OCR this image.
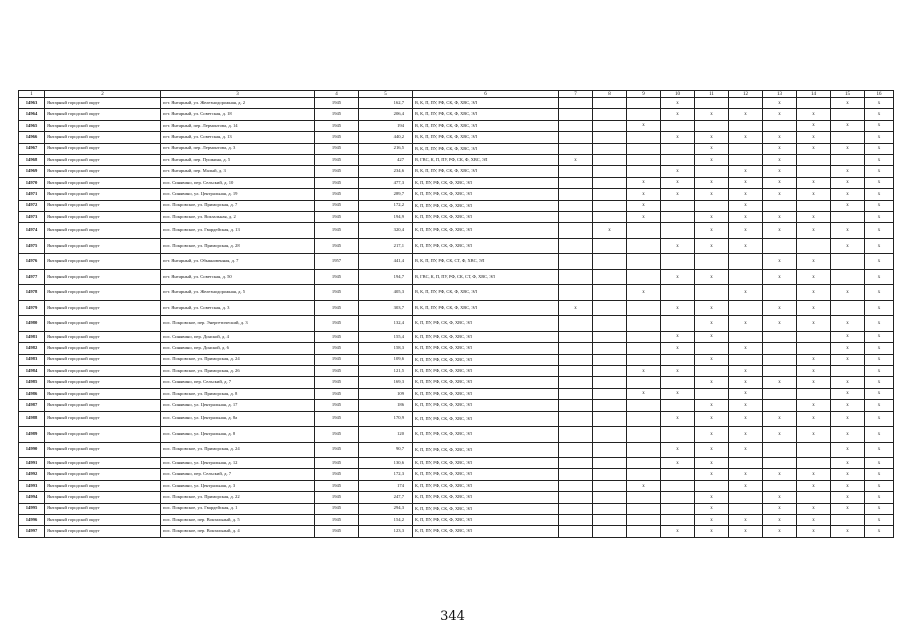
1	2	3	4	5	6	7	8	9	10	11	12	13	14	15	16
14963	Янтарный городской округ	пгт. Янтарный, ул. Железнодорожная, д. 2	1945	162,7	В, К, П, ПУ, РФ, СК, Ф, ХВС, ЭЛ				х			х		х	х
14964	Янтарный городской округ	пгт. Янтарный, ул. Советская, д. 18	1945	206,4	В, К, П, ПУ, РФ, СК, Ф, ХВС, ЭЛ				х	х	х	х	х		х
14965	Янтарный городской округ	пгт. Янтарный, пер. Лермонтова, д. 14	1945	194	В, К, П, ПУ, РФ, СК, Ф, ХВС, ЭЛ			х					х	х	х
14966	Янтарный городской округ	пгт. Янтарный, ул. Советская, д. 13	1945	440,2	В, К, П, ПУ, РФ, СК, Ф, ХВС, ЭЛ				х	х	х	х	х		х
14967	Янтарный городской округ	пгт. Янтарный, пер. Лермонтова, д. 3	1945	216,5	В, К, П, ПУ, РФ, СК, Ф, ХВС, ЭЛ					х		х	х	х	х
14968	Янтарный городской округ	пгт. Янтарный, пер. Пушкина, д. 5	1945	427	В, ГВС, К, П, ПУ, РФ, СК, Ф, ХВС, ЭЛ	х				х		х			х
14969	Янтарный городской округ	пгт. Янтарный, пер. Малый, д. 3	1945	234,6	В, К, П, ПУ, РФ, СК, Ф, ХВС, ЭЛ				х		х	х		х	х
14970	Янтарный городской округ	пос. Синявино, пер. Сельский, д. 10	1945	477,3	К, П, ПУ, РФ, СК, Ф, ХВС, ЭЛ			х	х	х	х	х	х	х	х
14971	Янтарный городской округ	пос. Синявино, ул. Центральная, д. 19	1945	289,7	К, П, ПУ, РФ, СК, Ф, ХВС, ЭЛ			х	х	х	х	х	х	х	х
14972	Янтарный городской округ	пос. Покровское, ул. Приморская, д. 7	1945	172,2	К, П, ПУ, РФ, СК, Ф, ХВС, ЭЛ			х			х			х	х
14973	Янтарный городской округ	пос. Покровское, ул. Вокзальная, д. 2	1945	194,9	К, П, ПУ, РФ, СК, Ф, ХВС, ЭЛ			х		х	х	х	х		х
14974	Янтарный городской округ	пос. Покровское, ул. Гвардейская, д. 13	1945	320,4	К, П, ПУ, РФ, СК, Ф, ХВС, ЭЛ		х			х	х	х	х	х	х
14975	Янтарный городской округ	пос. Покровское, ул. Приморская, д. 28	1945	217,1	К, П, ПУ, РФ, СК, Ф, ХВС, ЭЛ				х	х	х			х	х
14976	Янтарный городской округ	пгт. Янтарный, ул. Обыкновенная, д. 7	1957	441,4	В, К, П, ПУ, РФ, СК, СТ, Ф, ХВС, ЭЛ							х	х		х
14977	Янтарный городской округ	пгт. Янтарный, ул. Советская, д. 50	1945	194,7	В, ГВС, К, П, ПУ, РФ, СК, СТ, Ф, ХВС, ЭЛ				х	х		х	х		х
14978	Янтарный городской округ	пгт. Янтарный, ул. Железнодорожная, д. 5	1945	405,3	В, К, П, ПУ, РФ, СК, Ф, ХВС, ЭЛ			х			х		х	х	х
14979	Янтарный городской округ	пгт. Янтарный, ул. Советская, д. 3	1945	303,7	В, К, П, ПУ, РФ, СК, Ф, ХВС, ЭЛ	х			х	х		х	х		х
14980	Янтарный городской округ	пос. Покровское, пер. Энергетический, д. 3	1945	132,4	К, П, ПУ, РФ, СК, Ф, ХВС, ЭЛ					х	х	х	х	х	х
14981	Янтарный городской округ	пос. Синявино, пер. Донской, д. 4	1945	155,4	К, П, ПУ, РФ, СК, Ф, ХВС, ЭЛ				х	х				х	х
14982	Янтарный городской округ	пос. Синявино, пер. Донской, д. 6	1945	158,3	К, П, ПУ, РФ, СК, Ф, ХВС, ЭЛ				х		х			х	х
14983	Янтарный городской округ	пос. Покровское, ул. Приморская, д. 24	1945	109,6	К, П, ПУ, РФ, СК, Ф, ХВС, ЭЛ					х			х	х	х
14984	Янтарный городской округ	пос. Покровское, ул. Приморская, д. 26	1945	121,5	К, П, ПУ, РФ, СК, Ф, ХВС, ЭЛ			х	х		х		х		х
14985	Янтарный городской округ	пос. Синявино, пер. Сельский, д. 7	1945	169,3	К, П, ПУ, РФ, СК, Ф, ХВС, ЭЛ					х	х	х	х	х	х
14986	Янтарный городской округ	пос. Покровское, ул. Приморская, д. 8	1945	109	К, П, ПУ, РФ, СК, Ф, ХВС, ЭЛ			х	х		х			х	х
14987	Янтарный городской округ	пос. Синявино, ул. Центральная, д. 17	1945	186	К, П, ПУ, РФ, СК, Ф, ХВС, ЭЛ					х	х		х	х	х
14988	Янтарный городской округ	пос. Синявино, ул. Центральная, д. 8а	1945	170,9	К, П, ПУ, РФ, СК, Ф, ХВС, ЭЛ				х	х	х	х	х	х	х
14989	Янтарный городской округ	пос. Синявино, ул. Центральная, д. 8	1945	120	К, П, ПУ, РФ, СК, Ф, ХВС, ЭЛ					х	х	х	х	х	х
14990	Янтарный городской округ	пос. Покровское, ул. Приморская, д. 24	1945	90,7	К, П, ПУ, РФ, СК, Ф, ХВС, ЭЛ				х	х	х			х	х
14991	Янтарный городской округ	пос. Синявино, ул. Центральная, д. 12	1945	130,6	К, П, ПУ, РФ, СК, Ф, ХВС, ЭЛ				х	х				х	х
14992	Янтарный городской округ	пос. Синявино, пер. Сельский, д. 7	1945	172,3	К, П, ПУ, РФ, СК, Ф, ХВС, ЭЛ					х	х	х	х	х	х
14993	Янтарный городской округ	пос. Синявино, ул. Центральная, д. 3	1945	174	К, П, ПУ, РФ, СК, Ф, ХВС, ЭЛ			х			х		х	х	х
14994	Янтарный городской округ	пос. Покровское, ул. Приморская, д. 22	1945	247,7	К, П, ПУ, РФ, СК, Ф, ХВС, ЭЛ					х		х		х	х
14995	Янтарный городской округ	пос. Покровское, ул. Гвардейская, д. 1	1945	294,3	К, П, ПУ, РФ, СК, Ф, ХВС, ЭЛ					х		х	х	х	х
14996	Янтарный городской округ	пос. Покровское, пер. Вокзальный, д. 5	1945	154,2	К, П, ПУ, РФ, СК, Ф, ХВС, ЭЛ					х	х	х	х		х
14997	Янтарный городской округ	пос. Покровское, пер. Вокзальный, д. 4	1945	123,3	К, П, ПУ, РФ, СК, Ф, ХВС, ЭЛ				х	х	х	х	х	х	х
344
